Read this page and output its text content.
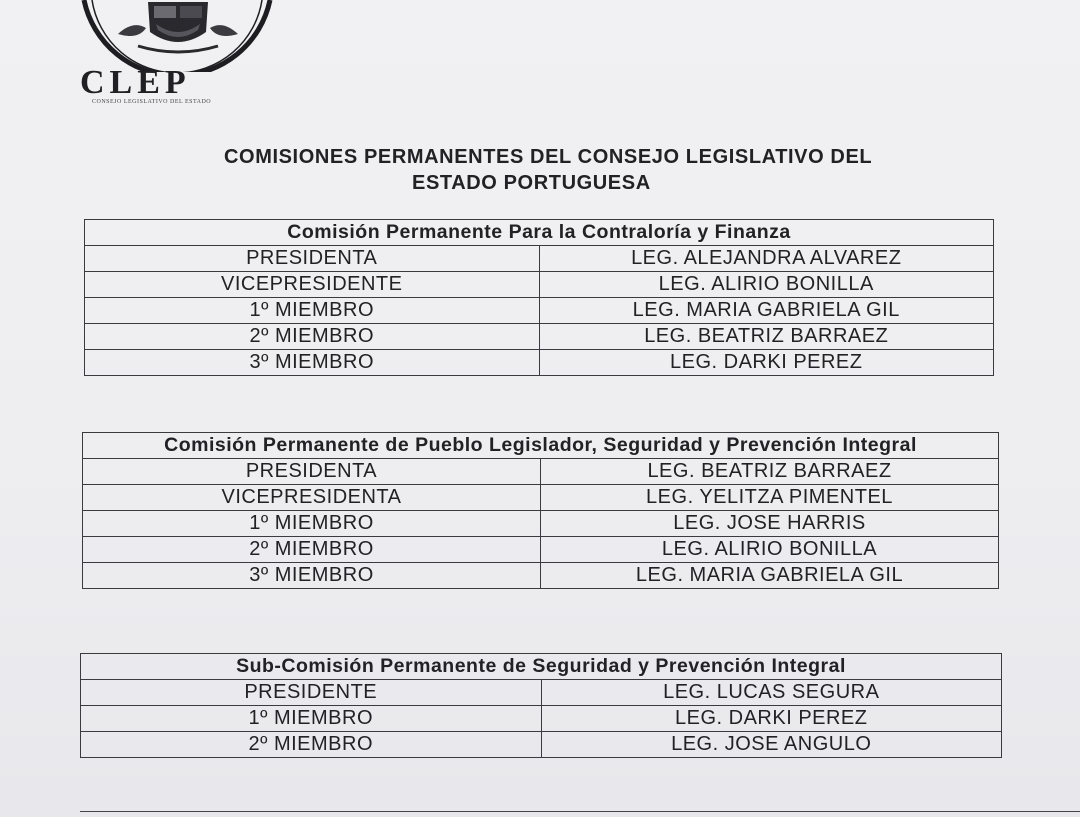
CLEP
CONSEJO LEGISLATIVO DEL ESTADO
COMISIONES PERMANENTES DEL CONSEJO LEGISLATIVO DEL
ESTADO PORTUGUESA
Comisión Permanente Para la Contraloría y Finanza	
PRESIDENTA	LEG. ALEJANDRA ALVAREZ
VICEPRESIDENTE	LEG. ALIRIO BONILLA
1º MIEMBRO	LEG. MARIA GABRIELA GIL
2º MIEMBRO	LEG. BEATRIZ BARRAEZ
3º MIEMBRO	LEG. DARKI PEREZ
Comisión Permanente de Pueblo Legislador, Seguridad y Prevención Integral	
PRESIDENTA	LEG. BEATRIZ BARRAEZ
VICEPRESIDENTA	LEG. YELITZA PIMENTEL
1º MIEMBRO	LEG. JOSE HARRIS
2º MIEMBRO	LEG. ALIRIO BONILLA
3º MIEMBRO	LEG. MARIA GABRIELA GIL
Sub-Comisión Permanente de Seguridad y Prevención Integral	
PRESIDENTE	LEG. LUCAS SEGURA
1º MIEMBRO	LEG. DARKI PEREZ
2º MIEMBRO	LEG. JOSE ANGULO
